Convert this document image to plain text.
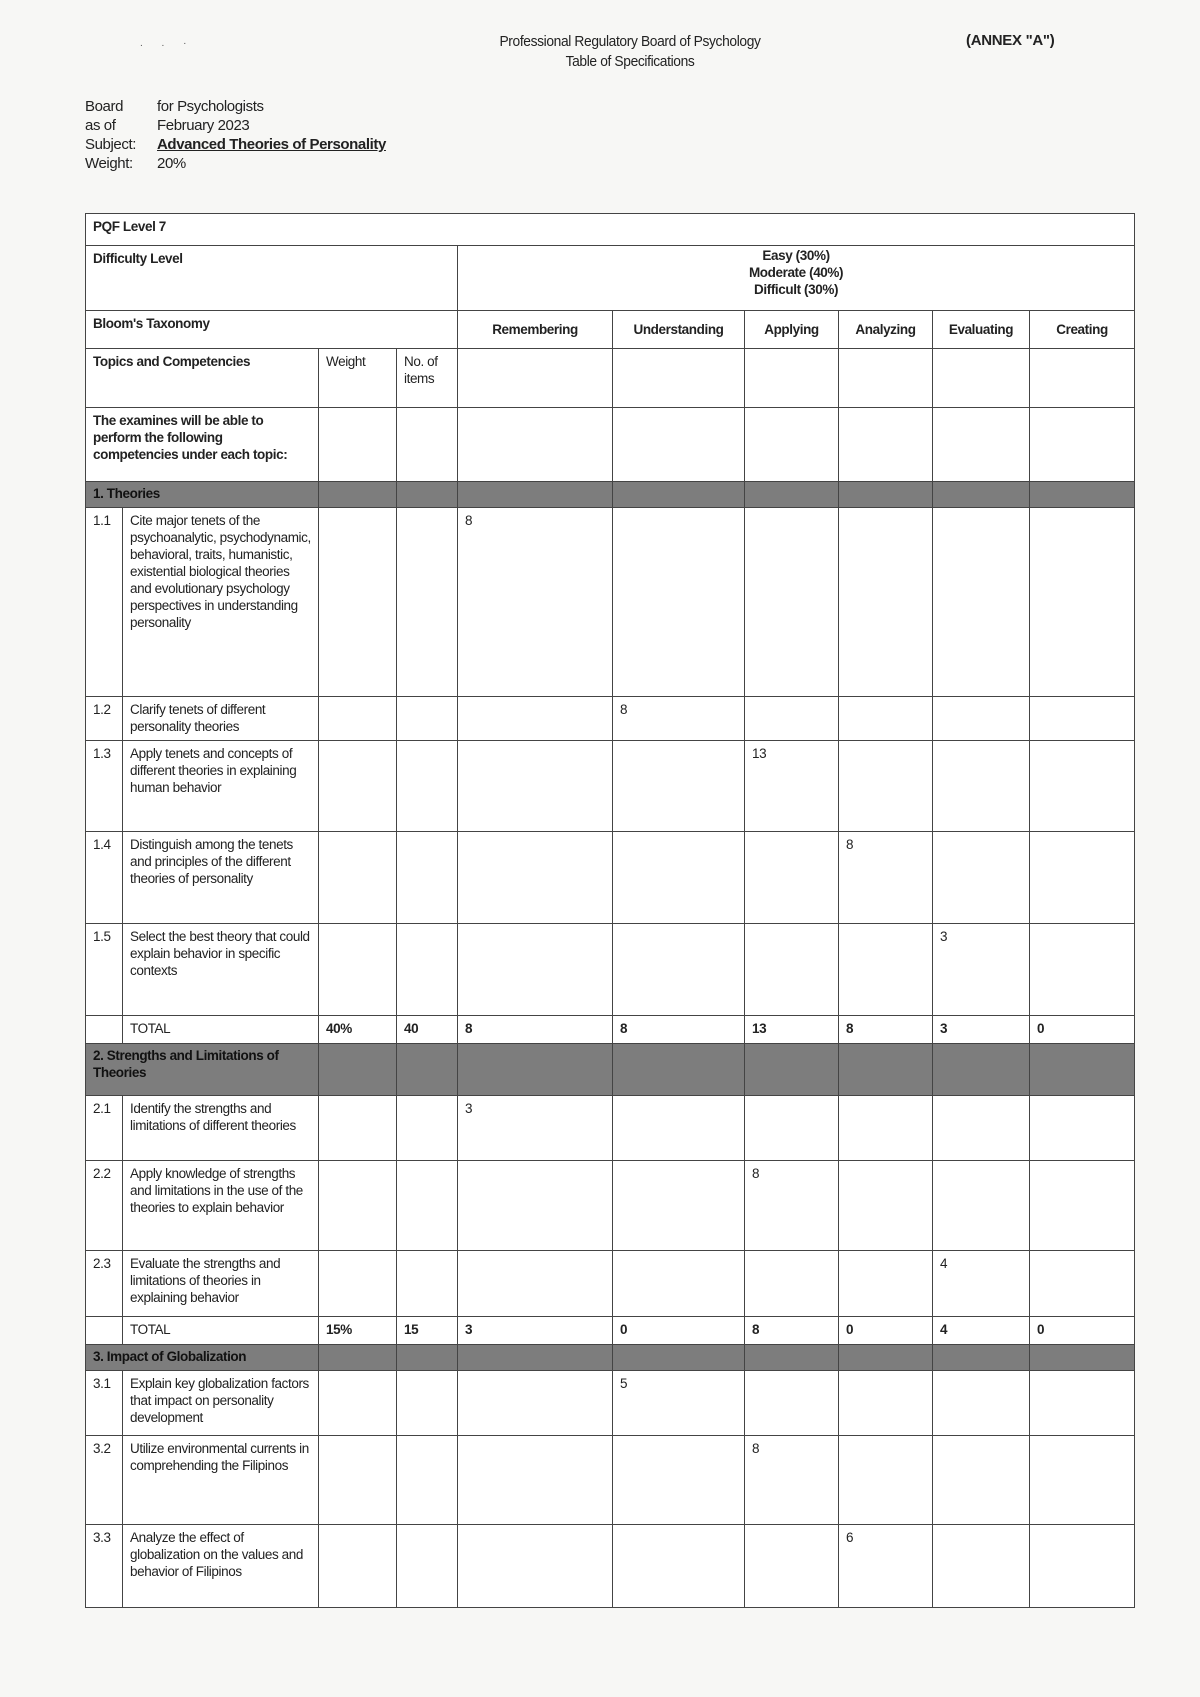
. . ·	Professional Regulatory Board of Psychology
Table of Specifications
(ANNEX "A")
Board	for Psychologists
as of	February 2023
Subject:	Advanced Theories of Personality
Weight:	20%
PQF Level 7									
Difficulty Level				Easy (30%)
Moderate (40%)
Difficult (30%)					

Bloom's Taxonomy				Remembering	Understanding	Applying	Analyzing	Evaluating	Creating
Topics and Competencies		Weight	No. of items						
The examines will be able to perform the following competencies under each topic:									
1. Theories									
1.1	Cite major tenets of the psychoanalytic, psychodynamic, behavioral, traits, humanistic, existential biological theories and evolutionary psychology perspectives in understanding personality			8					
1.2	Clarify tenets of different personality theories				8				
1.3	Apply tenets and concepts of different theories in explaining human behavior					13			
1.4	Distinguish among the tenets and principles of the different theories of personality						8		
1.5	Select the best theory that could explain behavior in specific contexts							3	
	TOTAL	40%	40	8	8	13	8	3	0
2. Strengths and Limitations of Theories									
2.1	Identify the strengths and limitations of different theories			3					
2.2	Apply knowledge of strengths and limitations in the use of the theories to explain behavior					8			
2.3	Evaluate the strengths and limitations of theories in explaining behavior							4	
	TOTAL	15%	15	3	0	8	0	4	0
3. Impact of Globalization									
3.1	Explain key globalization factors that impact on personality development				5				
3.2	Utilize environmental currents in comprehending the Filipinos					8			
3.3	Analyze the effect of globalization on the values and behavior of Filipinos						6		
